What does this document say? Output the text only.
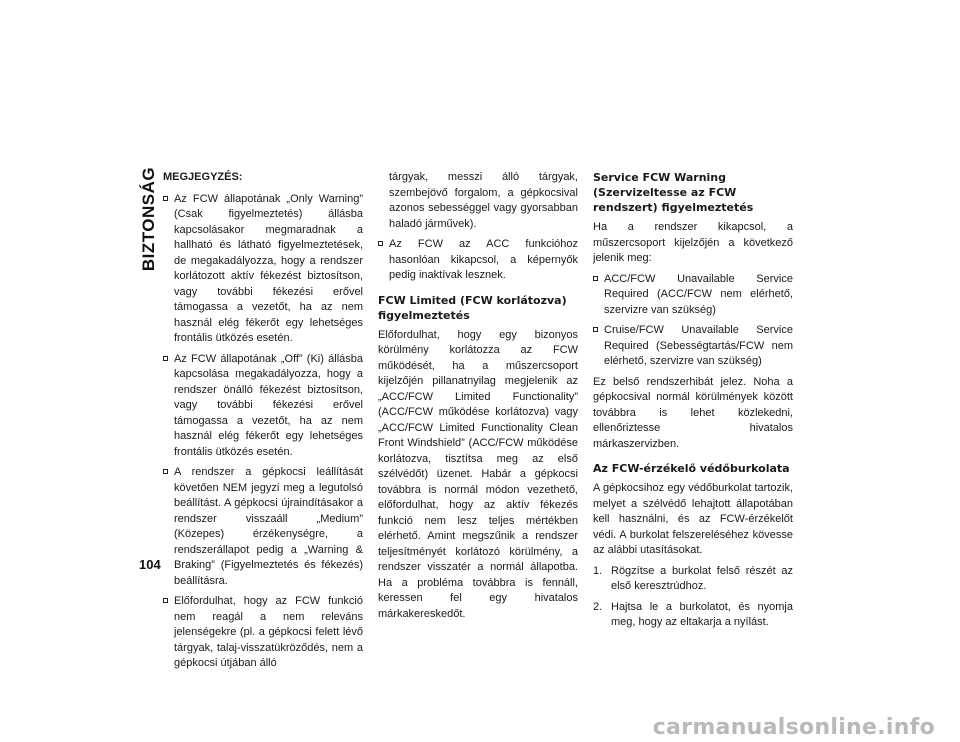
BIZTONSÁG
104

MEGJEGYZÉS:

Az FCW állapotának „Only Warning” (Csak figyelmeztetés) állásba kapcsolásakor megmaradnak a hallható és látható figyelmeztetések, de megakadályozza, hogy a rendszer korlátozott aktív fékezést biztosítson, vagy további fékezési erővel támogassa a vezetőt, ha az nem használ elég fékerőt egy lehetséges frontális ütközés esetén.
Az FCW állapotának „Off” (Ki) állásba kapcsolása megakadályozza, hogy a rendszer önálló fékezést biztosítson, vagy további fékezési erővel támogassa a vezetőt, ha az nem használ elég fékerőt egy lehetséges frontális ütközés esetén.
A rendszer a gépkocsi leállítását követően NEM jegyzi meg a legutolsó beállítást. A gépkocsi újraindításakor a rendszer visszaáll „Medium” (Közepes) érzékenységre, a rendszerállapot pedig a „Warning & Braking” (Figyelmeztetés és fékezés) beállításra.
Előfordulhat, hogy az FCW funkció nem reagál a nem releváns jelenségekre (pl. a gépkocsi felett lévő tárgyak, talaj-visszatükröződés, nem a gépkocsi útjában álló

tárgyak, messzi álló tárgyak, szembejövő forgalom, a gépkocsival azonos sebességgel vagy gyorsabban haladó járművek).

Az FCW az ACC funkcióhoz hasonlóan kikapcsol, a képernyők pedig inaktívak lesznek.

FCW Limited (FCW korlátozva) figyelmeztetés

Előfordulhat, hogy egy bizonyos körülmény korlátozza az FCW működését, ha a műszercsoport kijelzőjén pillanatnyilag megjelenik az „ACC/FCW Limited Functionality” (ACC/FCW működése korlátozva) vagy „ACC/FCW Limited Functionality Clean Front Windshield” (ACC/FCW működése korlátozva, tisztítsa meg az első szélvédőt) üzenet. Habár a gépkocsi továbbra is normál módon vezethető, előfordulhat, hogy az aktív fékezés funkció nem lesz teljes mértékben elérhető. Amint megszűnik a rendszer teljesítményét korlátozó körülmény, a rendszer visszatér a normál állapotba. Ha a probléma továbbra is fennáll, keressen fel egy hivatalos márkakereskedőt.

Service FCW Warning (Szervizeltesse az FCW rendszert) figyelmeztetés

Ha a rendszer kikapcsol, a műszercsoport kijelzőjén a következő jelenik meg:

ACC/FCW Unavailable Service Required (ACC/FCW nem elérhető, szervizre van szükség)
Cruise/FCW Unavailable Service Required (Sebességtartás/FCW nem elérhető, szervizre van szükség)

Ez belső rendszerhibát jelez. Noha a gépkocsival normál körülmények között továbbra is lehet közlekedni, ellenőriztesse hivatalos márkaszervizben.

Az FCW-érzékelő védőburkolata

A gépkocsihoz egy védőburkolat tartozik, melyet a szélvédő lehajtott állapotában kell használni, és az FCW-érzékelőt védi. A burkolat felszereléséhez kövesse az alábbi utasításokat.

1. Rögzítse a burkolat felső részét az első keresztrúdhoz.
2. Hajtsa le a burkolatot, és nyomja meg, hogy az eltakarja a nyílást.
carmanualsonline.info
